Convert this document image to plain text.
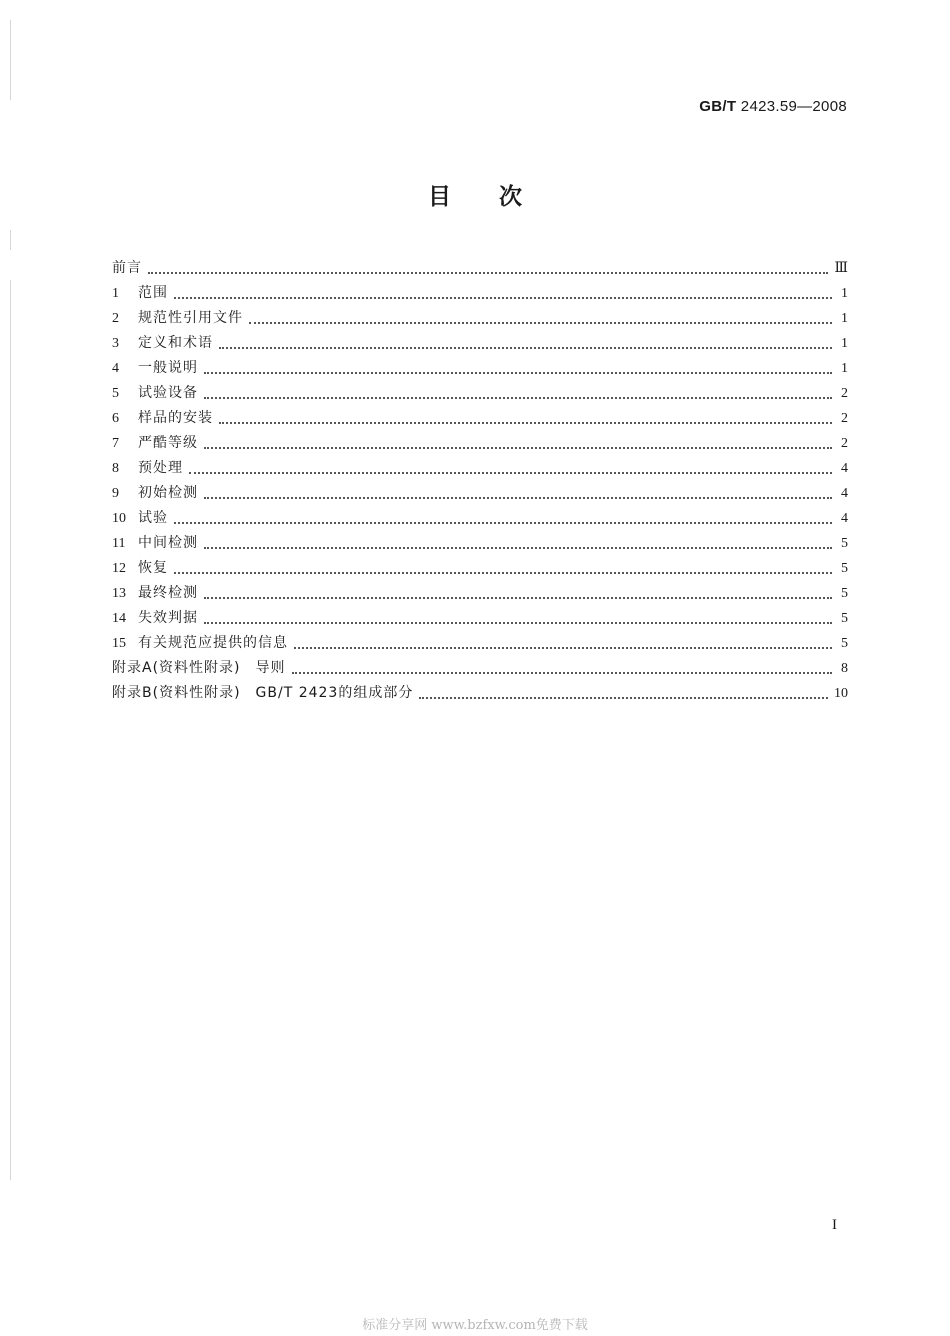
GB/T 2423.59—2008
目次
前言	Ⅲ
1	范围	1
2	规范性引用文件	1
3	定义和术语	1
4	一般说明	1
5	试验设备	2
6	样品的安装	2
7	严酷等级	2
8	预处理	4
9	初始检测	4
10 试验	4
11 中间检测	5
12 恢复	5
13 最终检测	5
14 失效判据	5
15 有关规范应提供的信息	5
附录A(资料性附录)　导则	8
附录B(资料性附录)　GB/T 2423的组成部分	10
I
标准分享网 www.bzfxw.com免费下载
